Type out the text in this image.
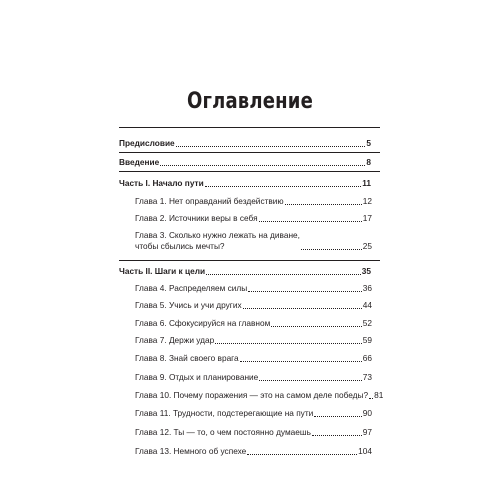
Оглавление
Предисловие	5
Введение	8
Часть I. Начало пути	11
Глава 1. Нет оправданий бездействию	12
Глава 2. Источники веры в себя	17
Глава 3. Сколько нужно лежать на диване,
чтобы сбылись мечты?	25
Часть II. Шаги к цели	35
Глава 4. Распределяем силы	36
Глава 5. Учись и учи других	44
Глава 6. Сфокусируйся на главном	52
Глава 7. Держи удар	59
Глава 8. Знай своего врага	66
Глава 9. Отдых и планирование	73
Глава 10. Почему поражения — это на самом деле победы? 81
Глава 11. Трудности, подстерегающие на пути	90
Глава 12. Ты — то, о чем постоянно думаешь	97
Глава 13. Немного об успехе	104
